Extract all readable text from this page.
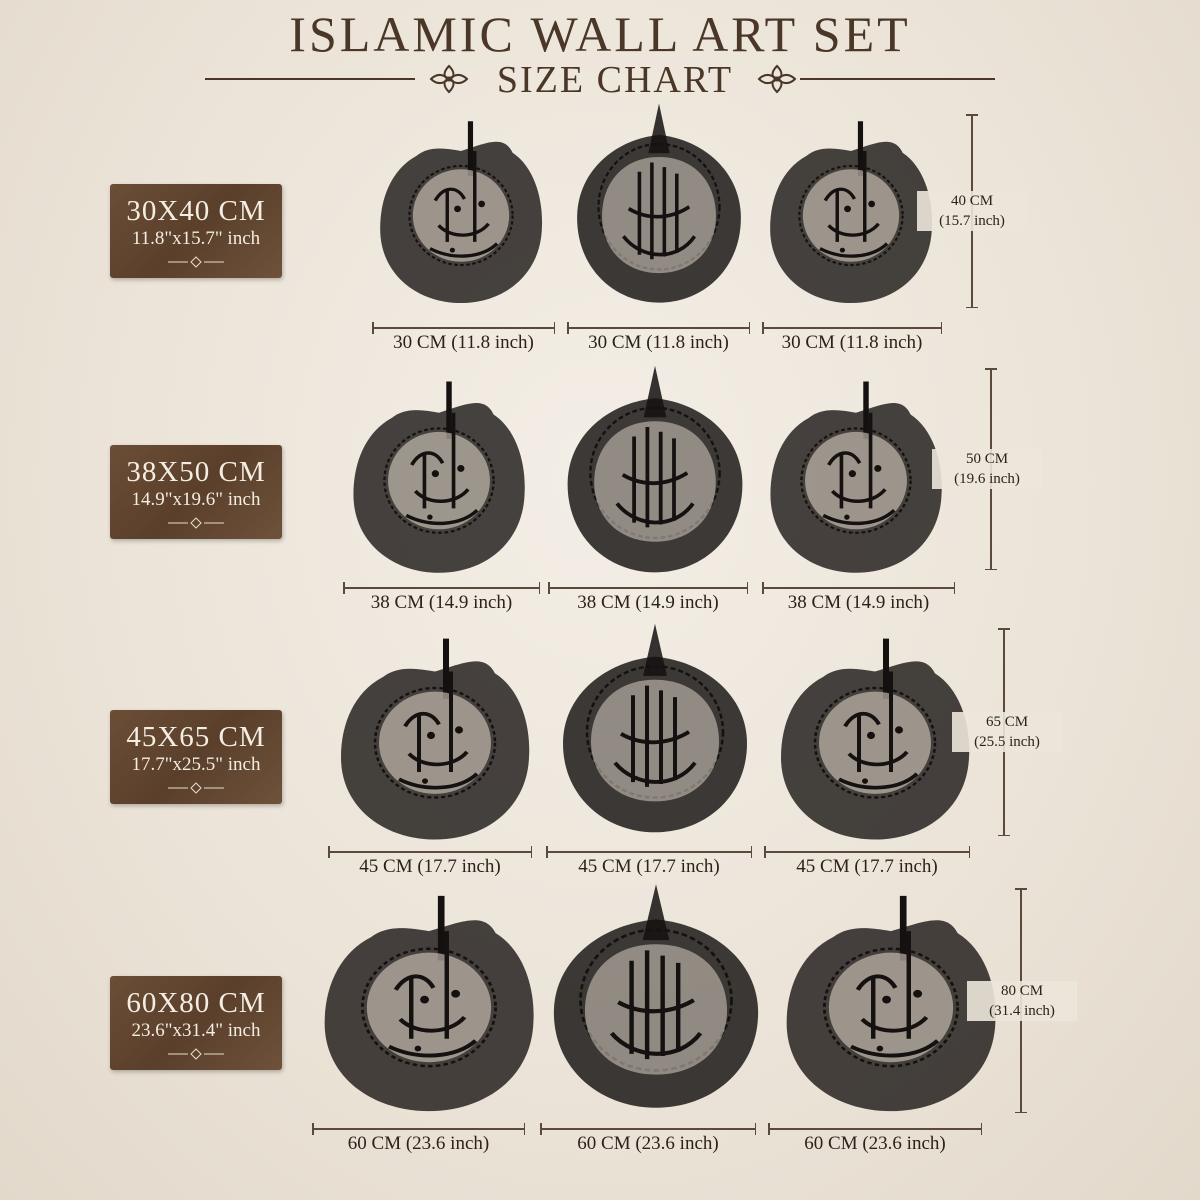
ISLAMIC WALL ART SET
SIZE CHART
30X40 CM
11.8"x15.7" inch
30 CM (11.8 inch)	30 CM (11.8 inch)	30 CM (11.8 inch)
40 CM
(15.7 inch)
38X50 CM
14.9"x19.6" inch
38 CM (14.9 inch)	38 CM (14.9 inch)	38 CM (14.9 inch)
50 CM
(19.6 inch)
45X65 CM
17.7"x25.5" inch
45 CM (17.7 inch)	45 CM (17.7 inch)	45 CM (17.7 inch)
65 CM
(25.5 inch)
60X80 CM
23.6"x31.4" inch
60 CM (23.6 inch)	60 CM (23.6 inch)	60 CM (23.6 inch)
80 CM
(31.4 inch)
